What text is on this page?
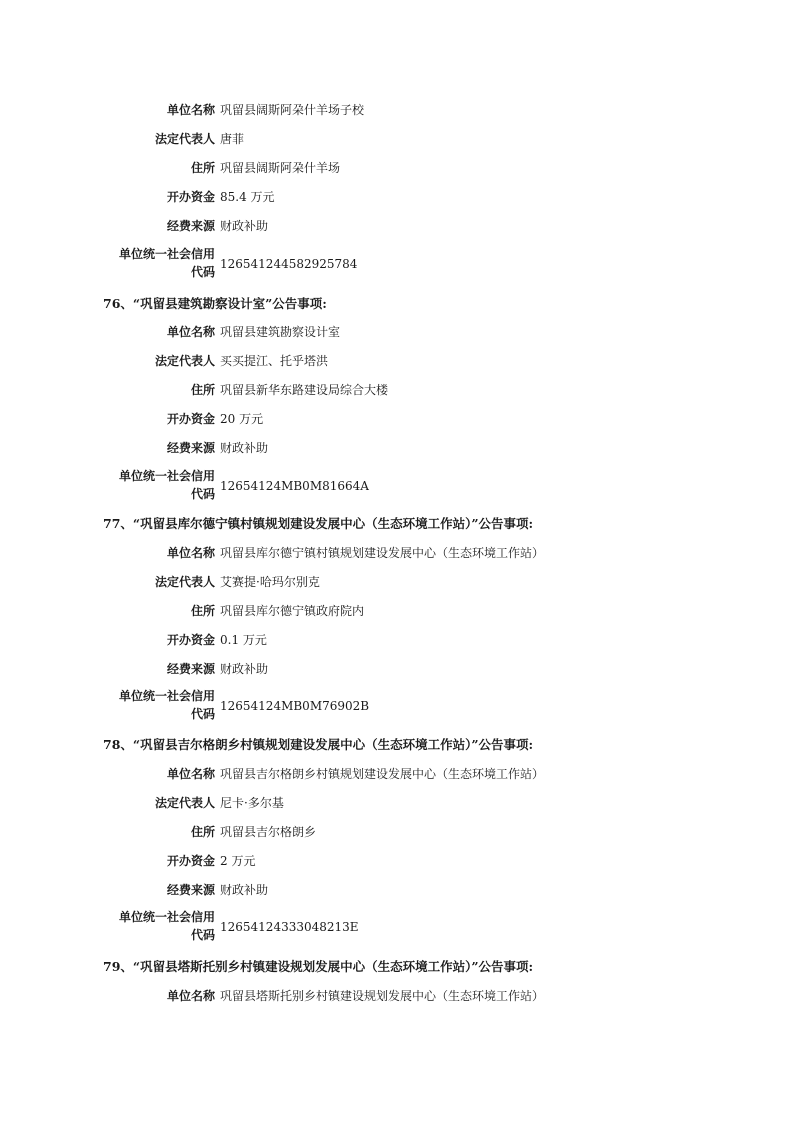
单位名称 巩留县阔斯阿朶什羊场子校
法定代表人 唐菲
住所 巩留县阔斯阿朶什羊场
开办资金 85.4 万元
经费来源 财政补助
单位统一社会信用
代码
126541244582925784
76、“巩留县建筑勘察设计室”公告事项:
单位名称 巩留县建筑勘察设计室
法定代表人 买买提江、托乎塔洪
住所 巩留县新华东路建设局综合大楼
开办资金 20 万元
经费来源 财政补助
单位统一社会信用
代码
12654124MB0M81664A
77、“巩留县库尔德宁镇村镇规划建设发展中心（生态环境工作站）”公告事项:
单位名称 巩留县库尔德宁镇村镇规划建设发展中心（生态环境工作站）
法定代表人 艾赛提·哈玛尔别克
住所 巩留县库尔德宁镇政府院内
开办资金 0.1 万元
经费来源 财政补助
单位统一社会信用
代码
12654124MB0M76902B
78、“巩留县吉尔格朗乡村镇规划建设发展中心（生态环境工作站）”公告事项:
单位名称 巩留县吉尔格朗乡村镇规划建设发展中心（生态环境工作站）
法定代表人 尼卡·多尔基
住所 巩留县吉尔格朗乡
开办资金 2 万元
经费来源 财政补助
单位统一社会信用
代码
12654124333048213E
79、“巩留县塔斯托别乡村镇建设规划发展中心（生态环境工作站）”公告事项:
单位名称 巩留县塔斯托别乡村镇建设规划发展中心（生态环境工作站）
